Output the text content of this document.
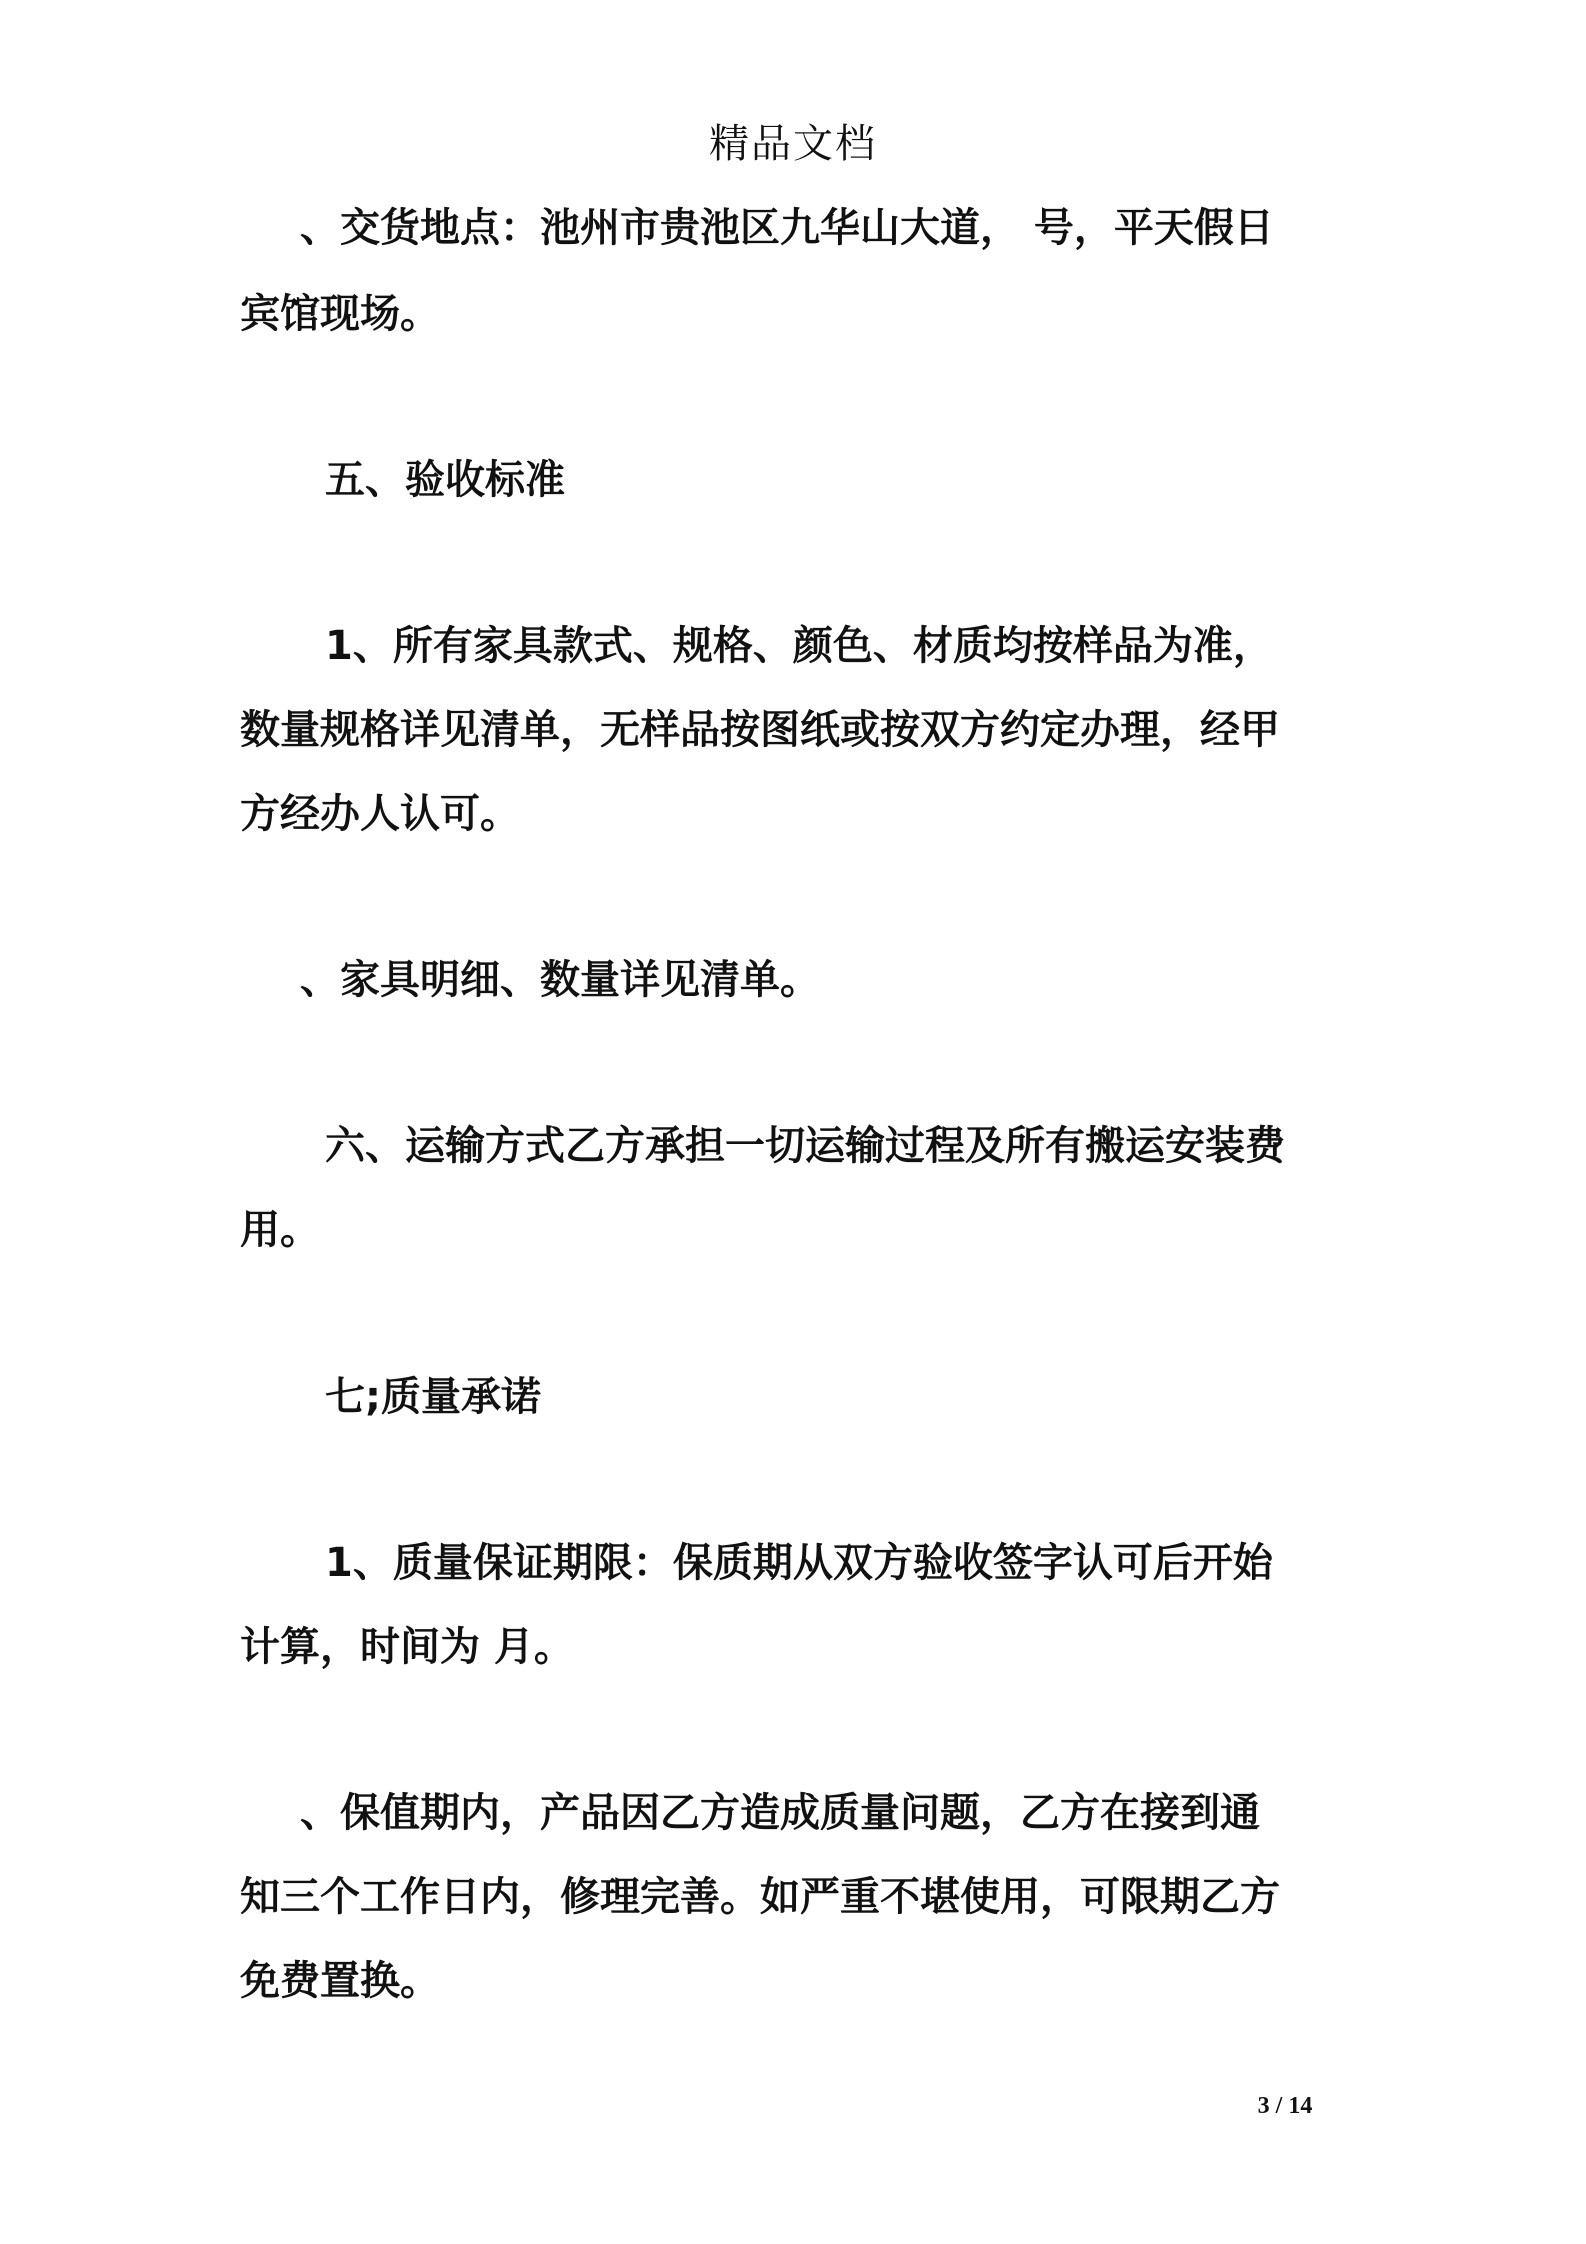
精品文档
、交货地点：池州市贵池区九华山大道， 号，平天假日
宾馆现场。
五、验收标准
1、所有家具款式、规格、颜色、材质均按样品为准，
数量规格详见清单，无样品按图纸或按双方约定办理，经甲
方经办人认可。
、家具明细、数量详见清单。
六、运输方式乙方承担一切运输过程及所有搬运安装费
用。
七;质量承诺
1、质量保证期限：保质期从双方验收签字认可后开始
计算，时间为 月。
、保值期内，产品因乙方造成质量问题，乙方在接到通
知三个工作日内，修理完善。如严重不堪使用，可限期乙方
免费置换。
3 / 14
